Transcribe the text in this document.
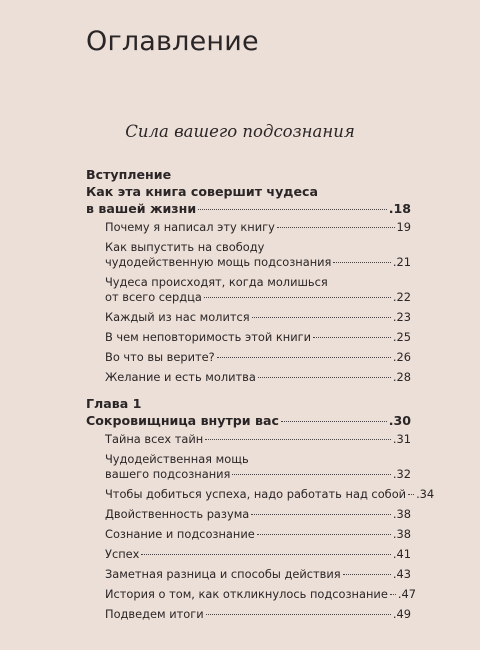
Оглавление
Сила вашего подсознания
Вступление
Как эта книга совершит чудеса
в вашей жизни	.18
Почему я написал эту книгу	19
Как выпустить на свободу
чудодейственную мощь подсознания	.21
Чудеса происходят, когда молишься
от всего сердца	.22
Каждый из нас молится	.23
В чем неповторимость этой книги	.25
Во что вы верите?	.26
Желание и есть молитва	.28
Глава 1
Сокровищница внутри вас	.30
Тайна всех тайн	.31
Чудодейственная мощь
вашего подсознания	.32
Чтобы добиться успеха, надо работать над собой .34
Двойственность разума	.38
Сознание и подсознание	.38
Успех	.41
Заметная разница и способы действия	.43
История о том, как откликнулось подсознание .47
Подведем итоги	.49
